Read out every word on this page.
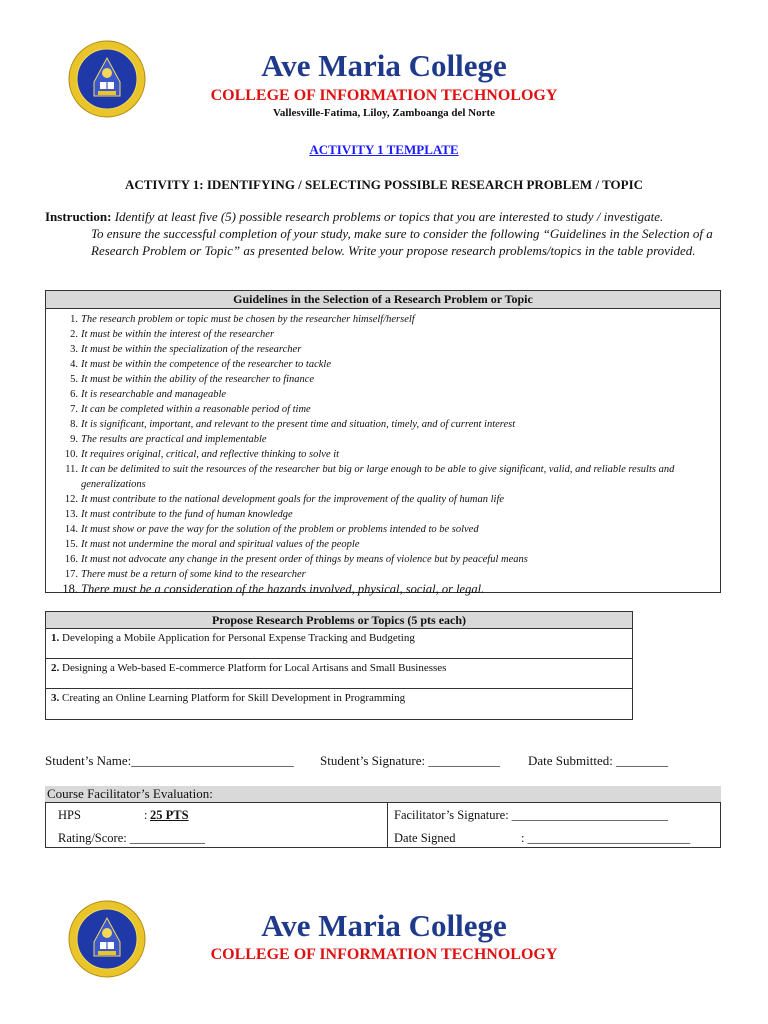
Ave Maria College
COLLEGE OF INFORMATION TECHNOLOGY
Vallesville-Fatima, Liloy, Zamboanga del Norte
ACTIVITY 1 TEMPLATE
ACTIVITY 1: IDENTIFYING / SELECTING POSSIBLE RESEARCH PROBLEM / TOPIC
Instruction: Identify at least five (5) possible research problems or topics that you are interested to study / investigate.
To ensure the successful completion of your study, make sure to consider the following “Guidelines in the Selection of a Research Problem or Topic” as presented below. Write your propose research problems/topics in the table provided.
Guidelines in the Selection of a Research Problem or Topic
1. The research problem or topic must be chosen by the researcher himself/herself
2. It must be within the interest of the researcher
3. It must be within the specialization of the researcher
4. It must be within the competence of the researcher to tackle
5. It must be within the ability of the researcher to finance
6. It is researchable and manageable
7. It can be completed within a reasonable period of time
8. It is significant, important, and relevant to the present time and situation, timely, and of current interest
9. The results are practical and implementable
10. It requires original, critical, and reflective thinking to solve it
11. It can be delimited to suit the resources of the researcher but big or large enough to be able to give significant, valid, and reliable results and generalizations
12. It must contribute to the national development goals for the improvement of the quality of human life
13. It must contribute to the fund of human knowledge
14. It must show or pave the way for the solution of the problem or problems intended to be solved
15. It must not undermine the moral and spiritual values of the people
16. It must not advocate any change in the present order of things by means of violence but by peaceful means
17. There must be a return of some kind to the researcher
18. There must be a consideration of the hazards involved, physical, social, or legal.
Propose Research Problems or Topics (5 pts each)
1. Developing a Mobile Application for Personal Expense Tracking and Budgeting
2. Designing a Web-based E-commerce Platform for Local Artisans and Small Businesses
3. Creating an Online Learning Platform for Skill Development in Programming
Student’s Name:_________________________ Student’s Signature: ___________ Date Submitted: ________
Course Facilitator’s Evaluation:
HPS	: 25 PTS
Rating/Score: ____________
Facilitator’s Signature: _________________________
Date Signed	: __________________________
Ave Maria College
COLLEGE OF INFORMATION TECHNOLOGY
